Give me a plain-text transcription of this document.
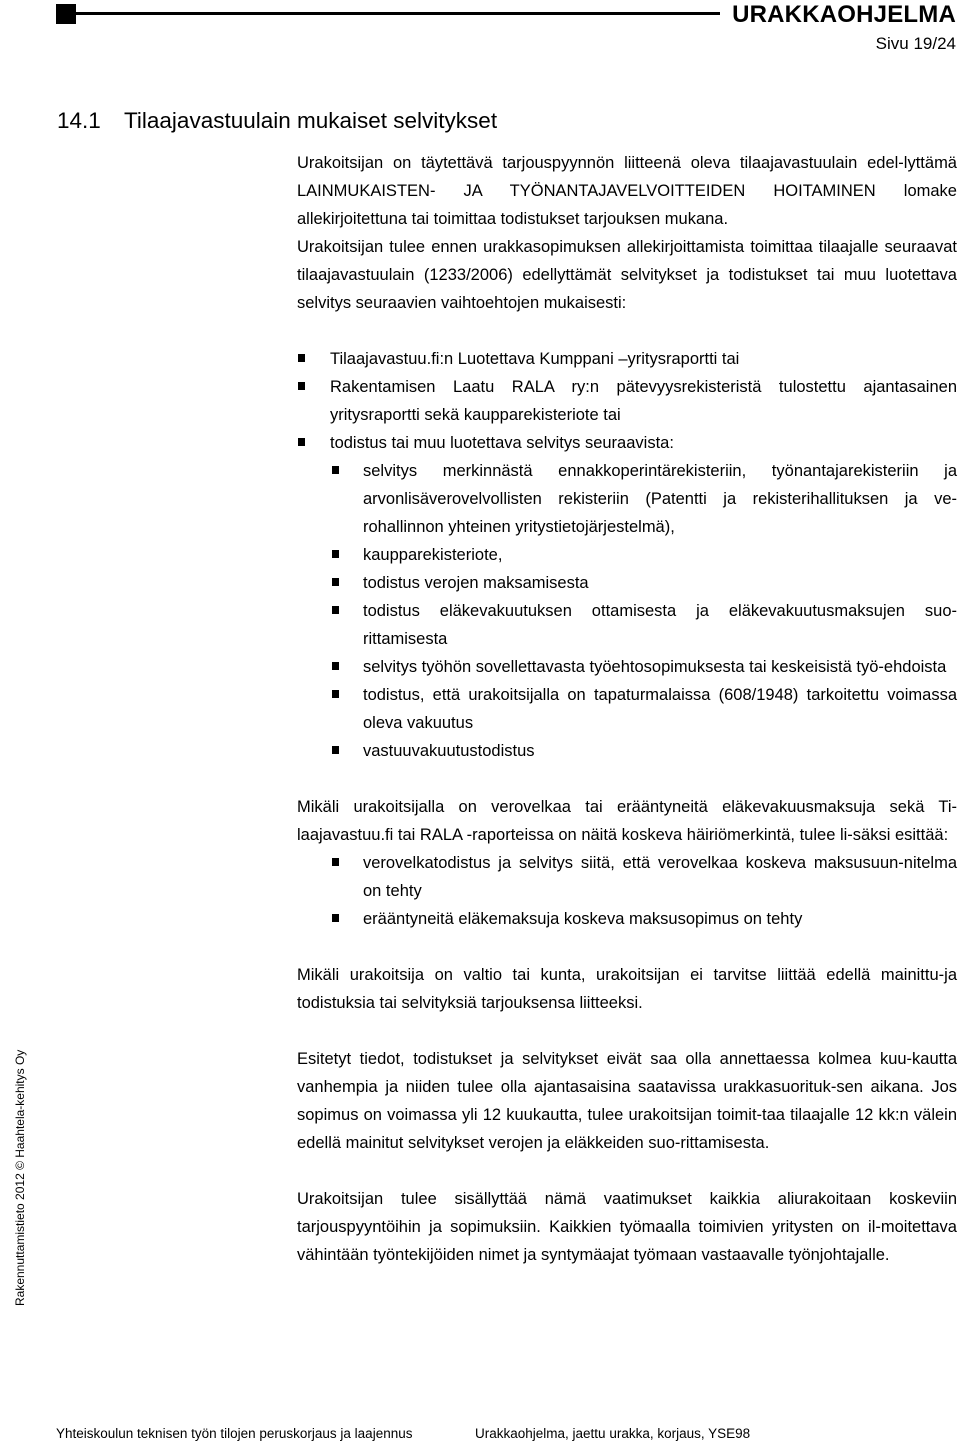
URAKKAOHJELMA
Sivu 19/24
14.1 Tilaajavastuulain mukaiset selvitykset

Urakoitsijan on täytettävä tarjouspyynnön liitteenä oleva tilaajavastuulain edel-lyttämä LAINMUKAISTEN- JA TYÖNANTAJAVELVOITTEIDEN HOITAMINEN lomake allekirjoitettuna tai toimittaa todistukset tarjouksen mukana.

Urakoitsijan tulee ennen urakkasopimuksen allekirjoittamista toimittaa tilaajalle seuraavat tilaajavastuulain (1233/2006) edellyttämät selvitykset ja todistukset tai muu luotettava selvitys seuraavien vaihtoehtojen mukaisesti:

Tilaajavastuu.fi:n Luotettava Kumppani –yritysraportti tai
Rakentamisen Laatu RALA ry:n pätevyysrekisteristä tulostettu ajantasainen yritysraportti sekä kaupparekisteriote tai
todistus tai muu luotettava selvitys seuraavista:
selvitys merkinnästä ennakkoperintärekisteriin, työnantajarekisteriin ja arvonlisäverovelvollisten rekisteriin (Patentti ja rekisterihallituksen ja ve-rohallinnon yhteinen yritystietojärjestelmä),
kaupparekisteriote,
todistus verojen maksamisesta
todistus eläkevakuutuksen ottamisesta ja eläkevakuutusmaksujen suo-rittamisesta
selvitys työhön sovellettavasta työehtosopimuksesta tai keskeisistä työ-ehdoista
todistus, että urakoitsijalla on tapaturmalaissa (608/1948) tarkoitettu voimassa oleva vakuutus
vastuuvakuutustodistus

Mikäli urakoitsijalla on verovelkaa tai erääntyneitä eläkevakuusmaksuja sekä Ti-laajavastuu.fi tai RALA -raporteissa on näitä koskeva häiriömerkintä, tulee li-säksi esittää:

verovelkatodistus ja selvitys siitä, että verovelkaa koskeva maksusuun-nitelma on tehty
erääntyneitä eläkemaksuja koskeva maksusopimus on tehty

Mikäli urakoitsija on valtio tai kunta, urakoitsijan ei tarvitse liittää edellä mainittu-ja todistuksia tai selvityksiä tarjouksensa liitteeksi.

Esitetyt tiedot, todistukset ja selvitykset eivät saa olla annettaessa kolmea kuu-kautta vanhempia ja niiden tulee olla ajantasaisina saatavissa urakkasuorituk-sen aikana. Jos sopimus on voimassa yli 12 kuukautta, tulee urakoitsijan toimit-taa tilaajalle 12 kk:n välein edellä mainitut selvitykset verojen ja eläkkeiden suo-rittamisesta.

Urakoitsijan tulee sisällyttää nämä vaatimukset kaikkia aliurakoitaan koskeviin tarjouspyyntöihin ja sopimuksiin. Kaikkien työmaalla toimivien yritysten on il-moitettava vähintään työntekijöiden nimet ja syntymäajat työmaan vastaavalle työnjohtajalle.

Rakennuttamistieto 2012 © Haahtela-kehitys Oy
Yhteiskoulun teknisen työn tilojen peruskorjaus ja laajennus	Urakkaohjelma, jaettu urakka, korjaus, YSE98
